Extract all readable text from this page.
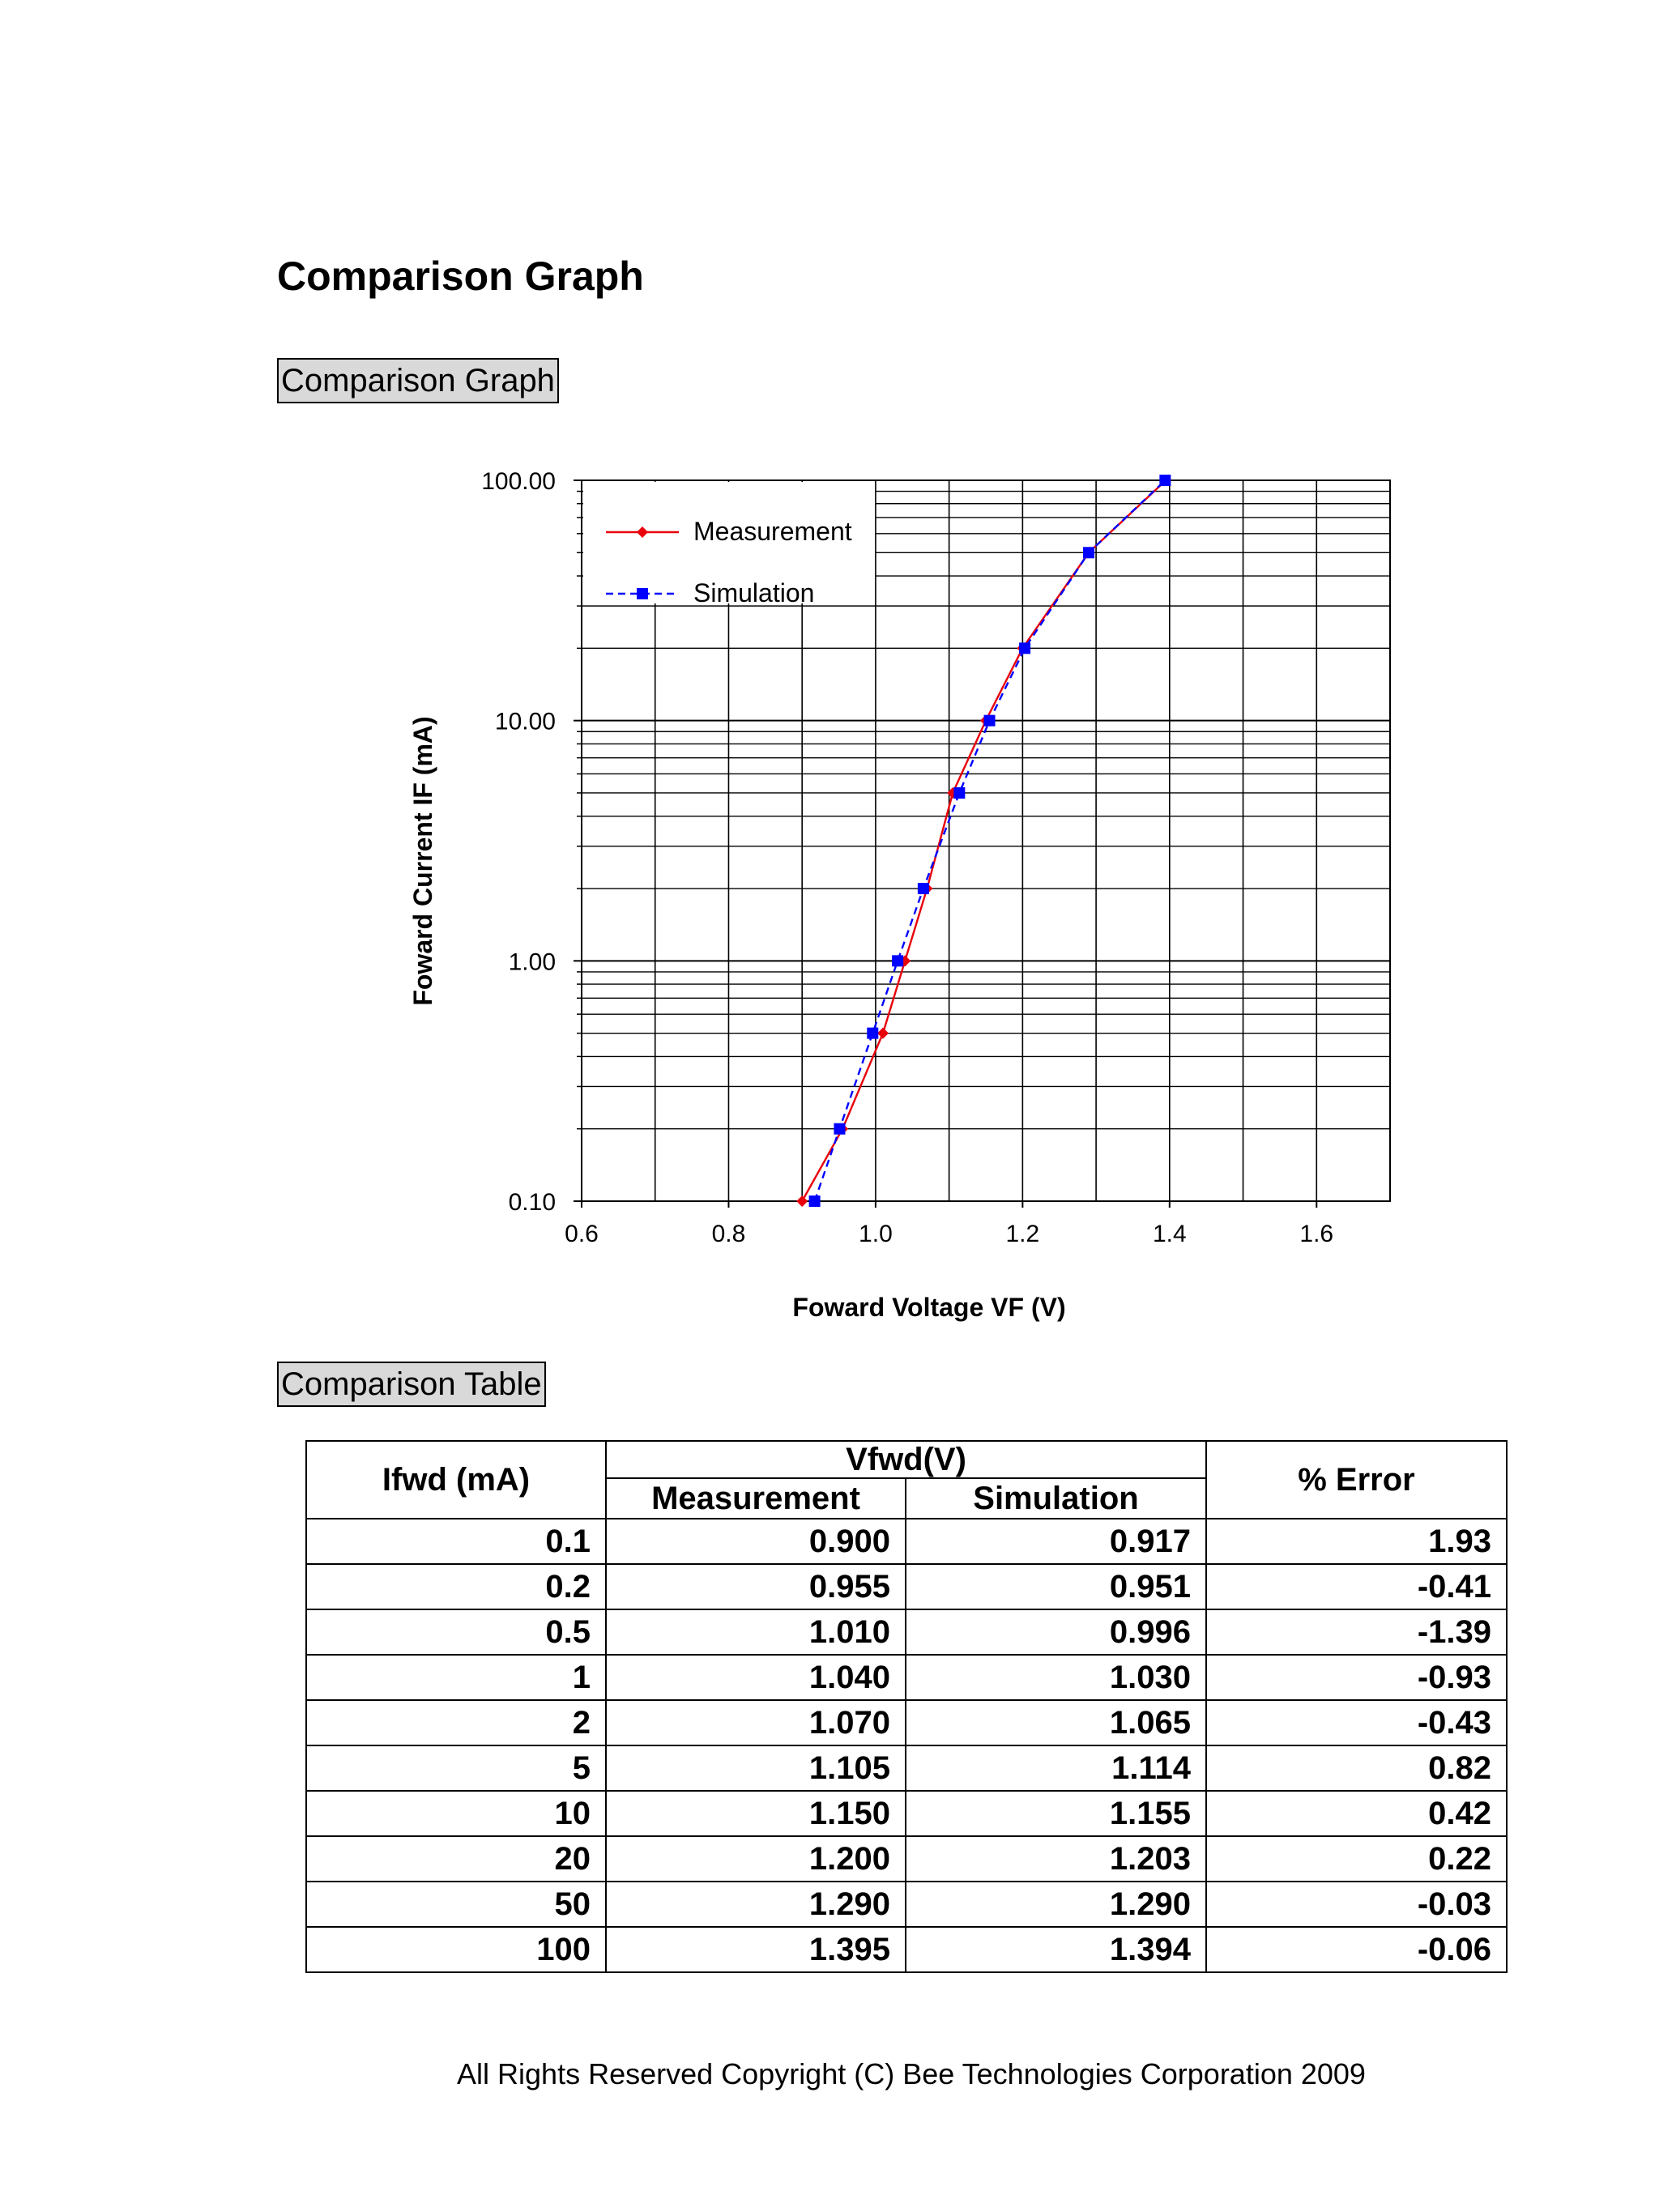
Comparison Graph
Comparison Graph
0.6	0.8	1.0	1.2	1.4	1.6
0.10
1.00
10.00
100.00
Measurement
Simulation
Foward Voltage VF (V)
Foward Current IF (mA)
Comparison Table
Ifwd (mA)	Vfwd(V)		% Error
	Measurement	Simulation	
0.1	0.900	0.917	1.93
0.2	0.955	0.951	-0.41
0.5	1.010	0.996	-1.39
1	1.040	1.030	-0.93
2	1.070	1.065	-0.43
5	1.105	1.114	0.82
10	1.150	1.155	0.42
20	1.200	1.203	0.22
50	1.290	1.290	-0.03
100	1.395	1.394	-0.06
All Rights Reserved Copyright (C) Bee Technologies Corporation 2009
